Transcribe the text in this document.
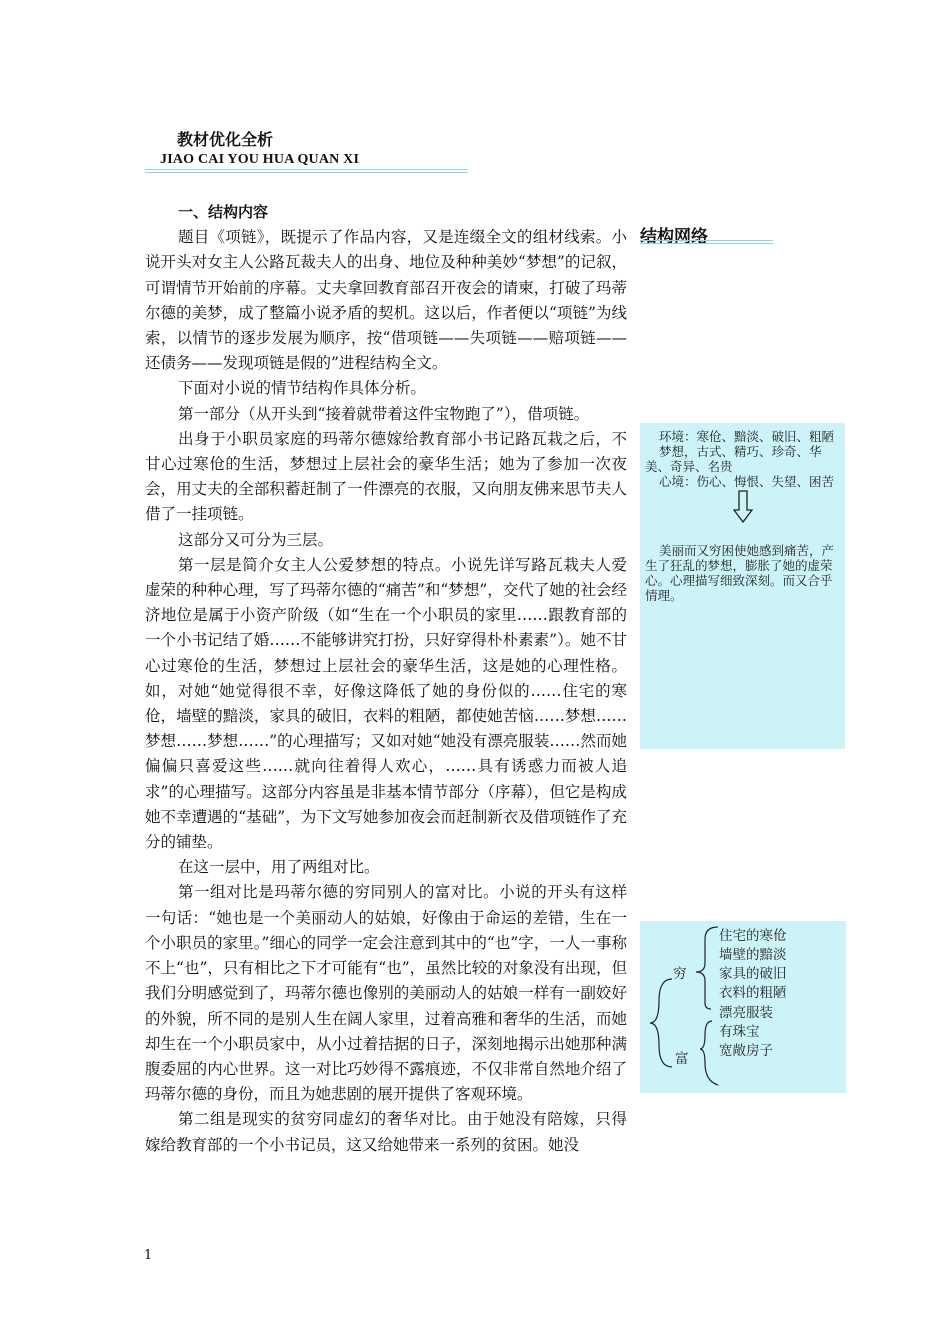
教材优化全析
JIAO CAI YOU HUA QUAN XI

一、结构内容

题目《项链》，既提示了作品内容，又是连缀全文的组材线索。小说开头对女主人公路瓦裁夫人的出身、地位及种种美妙“梦想”的记叙，可谓情节开始前的序幕。丈夫拿回教育部召开夜会的请柬，打破了玛蒂尔德的美梦，成了整篇小说矛盾的契机。这以后，作者便以“项链”为线索，以情节的逐步发展为顺序，按“借项链——失项链——赔项链——还债务——发现项链是假的”进程结构全文。

下面对小说的情节结构作具体分析。

第一部分（从开头到“接着就带着这件宝物跑了”），借项链。

出身于小职员家庭的玛蒂尔德嫁给教育部小书记路瓦栽之后，不甘心过寒伧的生活，梦想过上层社会的豪华生活；她为了参加一次夜会，用丈夫的全部积蓄赶制了一件漂亮的衣服，又向朋友佛来思节夫人借了一挂项链。

这部分又可分为三层。

第一层是简介女主人公爱梦想的特点。小说先详写路瓦栽夫人爱虚荣的种种心理，写了玛蒂尔德的“痛苦”和“梦想”，交代了她的社会经济地位是属于小资产阶级（如“生在一个小职员的家里……跟教育部的一个小书记结了婚……不能够讲究打扮，只好穿得朴朴素素”）。她不甘心过寒伧的生活，梦想过上层社会的豪华生活，这是她的心理性格。如，对她“她觉得很不幸，好像这降低了她的身份似的……住宅的寒伧，墙壁的黯淡，家具的破旧，衣料的粗陋，都使她苦恼……梦想……梦想……梦想……”的心理描写；又如对她“她没有漂亮服装……然而她偏偏只喜爱这些……就向往着得人欢心，……具有诱惑力而被人追求”的心理描写。这部分内容虽是非基本情节部分（序幕），但它是构成她不幸遭遇的“基础”，为下文写她参加夜会而赶制新衣及借项链作了充分的铺垫。

在这一层中，用了两组对比。

第一组对比是玛蒂尔德的穷同别人的富对比。小说的开头有这样一句话：“她也是一个美丽动人的姑娘，好像由于命运的差错，生在一个小职员的家里。”细心的同学一定会注意到其中的“也”字，一人一事称不上“也”，只有相比之下才可能有“也”，虽然比较的对象没有出现，但我们分明感觉到了，玛蒂尔德也像别的美丽动人的姑娘一样有一副姣好的外貌，所不同的是别人生在阔人家里，过着高雅和奢华的生活，而她却生在一个小职员家中，从小过着拮据的日子，深刻地揭示出她那种满腹委屈的内心世界。这一对比巧妙得不露痕迹，不仅非常自然地介绍了玛蒂尔德的身份，而且为她悲剧的展开提供了客观环境。

第二组是现实的贫穷同虚幻的奢华对比。由于她没有陪嫁，只得嫁给教育部的一个小书记员，这又给她带来一系列的贫困。她没

结构网络
环境：寒伧、黯淡、破旧、粗陋
梦想，古式、精巧、珍奇、华美、奇异、名贵
心境：伤心、悔恨、失望、困苦
美丽而又穷困使她感到痛苦，产生了狂乱的梦想，膨胀了她的虚荣心。心理描写细致深刻。而又合乎情理。
穷
富
住宅的寒伧
墙壁的黯淡
家具的破旧
衣料的粗陋
漂亮服装
有珠宝
宽敞房子
1
